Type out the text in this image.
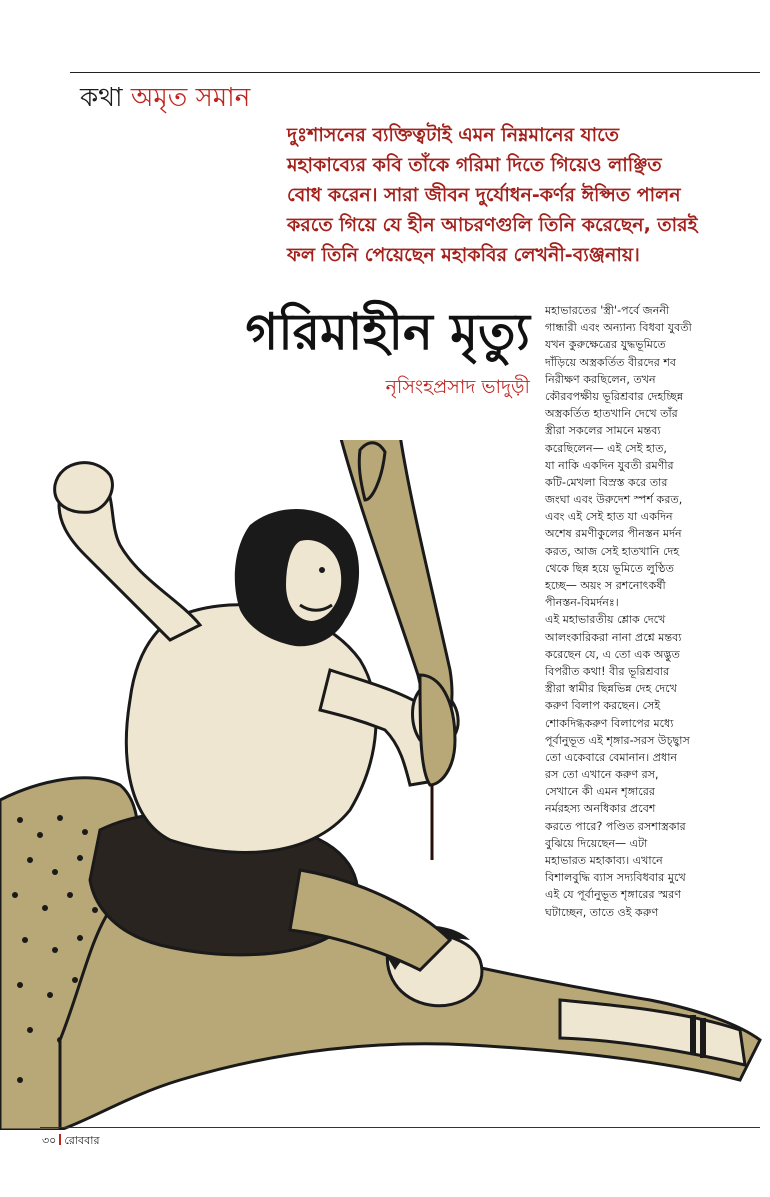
কথা অমৃত সমান

দুঃশাসনের ব্যক্তিত্বটাই এমন নিম্নমানের যাতে

মহাকাব্যের কবি তাঁকে গরিমা দিতে গিয়েও লাঞ্ছিত

বোধ করেন। সারা জীবন দুর্যোধন-কর্ণর ঈপ্সিত পালন

করতে গিয়ে যে হীন আচরণগুলি তিনি করেছেন, তারই

ফল তিনি পেয়েছেন মহাকবির লেখনী-ব্যঞ্জনায়।

গরিমাহীন মৃত্যু
নৃসিংহপ্রসাদ ভাদুড়ী
মহাভারতের 'স্ত্রী'-পর্বে জননী
গান্ধারী এবং অন্যান্য বিধবা যুবতী
যখন কুরুক্ষেত্রের যুদ্ধভূমিতে
দাঁড়িয়ে অস্ত্রকর্তিত বীরদের শব
নিরীক্ষণ করছিলেন, তখন
কৌরবপক্ষীয় ভূরিশ্রবার দেহচ্ছিন্ন
অস্ত্রকর্তিত হাতখানি দেখে তাঁর
স্ত্রীরা সকলের সামনে মন্তব্য
করেছিলেন— এই সেই হাত,
যা নাকি একদিন যুবতী রমণীর
কটি-মেখলা বিস্রস্ত করে তার
জংঘা এবং উরুদেশ স্পর্শ করত,
এবং এই সেই হাত যা একদিন
অশেষ রমণীকুলের পীনস্তন মর্দন
করত, আজ সেই হাতখানি দেহ
থেকে ছিন্ন হয়ে ভূমিতে লুণ্ঠিত
হচ্ছে— অয়ং স রশনোৎকর্ষী
পীনস্তন-বিমর্দনঃ।
এই মহাভারতীয় শ্লোক দেখে
আলংকারিকরা নানা প্রশ্নে মন্তব্য
করেছেন যে, এ তো এক অদ্ভুত
বিপরীত কথা! বীর ভূরিশ্রবার
স্ত্রীরা স্বামীর ছিন্নভিন্ন দেহ দেখে
করুণ বিলাপ করছেন। সেই
শোকদিগ্ধকরুণ বিলাপের মধ্যে
পূর্বানুভূত এই শৃঙ্গার-সরস উচ্ছ্বাস
তো একেবারে বেমানান। প্রধান
রস তো এখানে করুণ রস,
সেখানে কী এমন শৃঙ্গারের
নর্মরহস্য অনধিকার প্রবেশ
করতে পারে? পণ্ডিত রসশাস্ত্রকার
বুঝিয়ে দিয়েছেন— এটা
মহাভারত মহাকাব্য। এখানে
বিশালবুদ্ধি ব্যাস সদ্যবিধবার মুখে
এই যে পূর্বানুভূত শৃঙ্গারের স্মরণ
ঘটাচ্ছেন, তাতে ওই করুণ
৩০ রোববার
